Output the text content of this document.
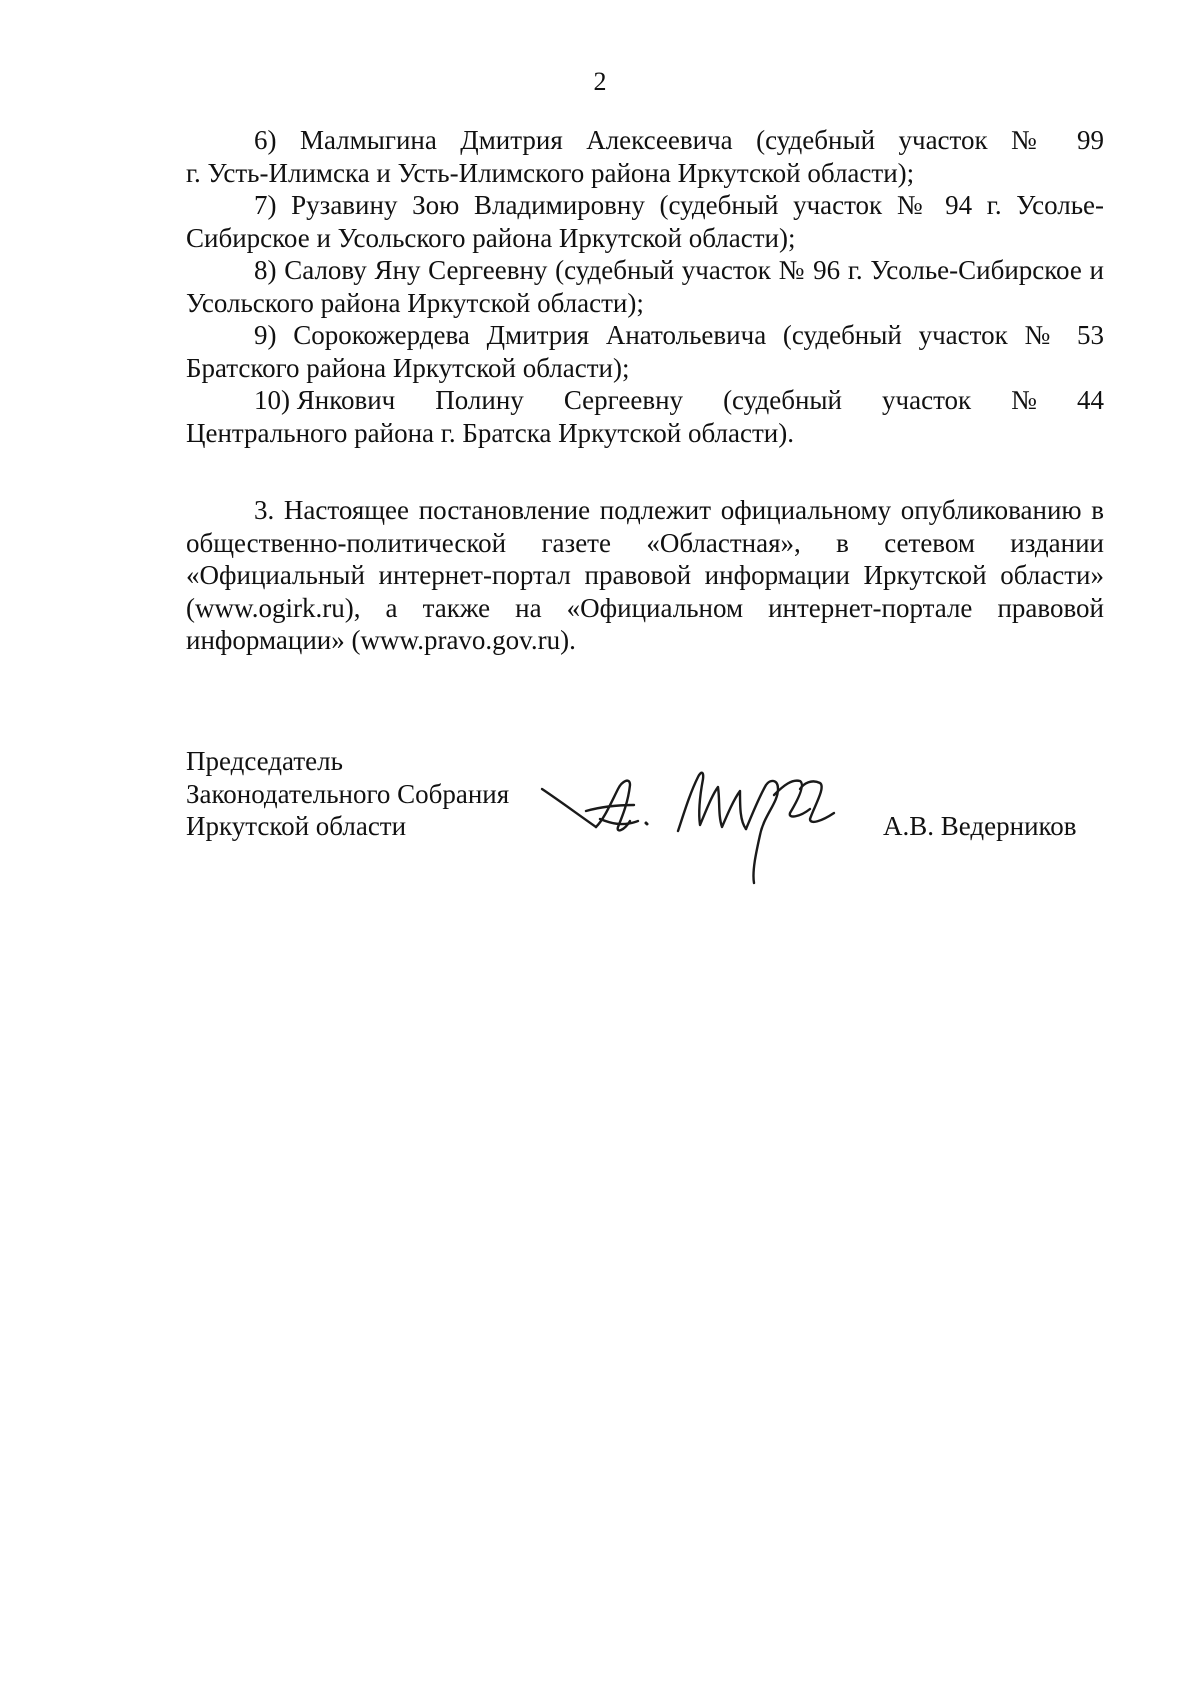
2

6) Малмыгина Дмитрия Алексеевича (судебный участок № 99

г. Усть-Илимска и Усть-Илимского района Иркутской области);

7) Рузавину Зою Владимировну (судебный участок № 94 г. Усолье-Сибирское и Усольского района Иркутской области);

8) Салову Яну Сергеевну (судебный участок № 96 г. Усолье-Сибирское и Усольского района Иркутской области);

9) Сорокожердева Дмитрия Анатольевича (судебный участок № 53 Братского района Иркутской области);

10) Янкович Полину Сергеевну (судебный участок № 44

Центрального района г. Братска Иркутской области).

3. Настоящее постановление подлежит официальному опубликованию в общественно-политической газете «Областная», в сетевом издании «Официальный интернет-портал правовой информации Иркутской области» (www.ogirk.ru), а также на «Официальном интернет-портале правовой информации» (www.pravo.gov.ru).

Председатель
Законодательного Собрания
Иркутской области	А.В. Ведерников
